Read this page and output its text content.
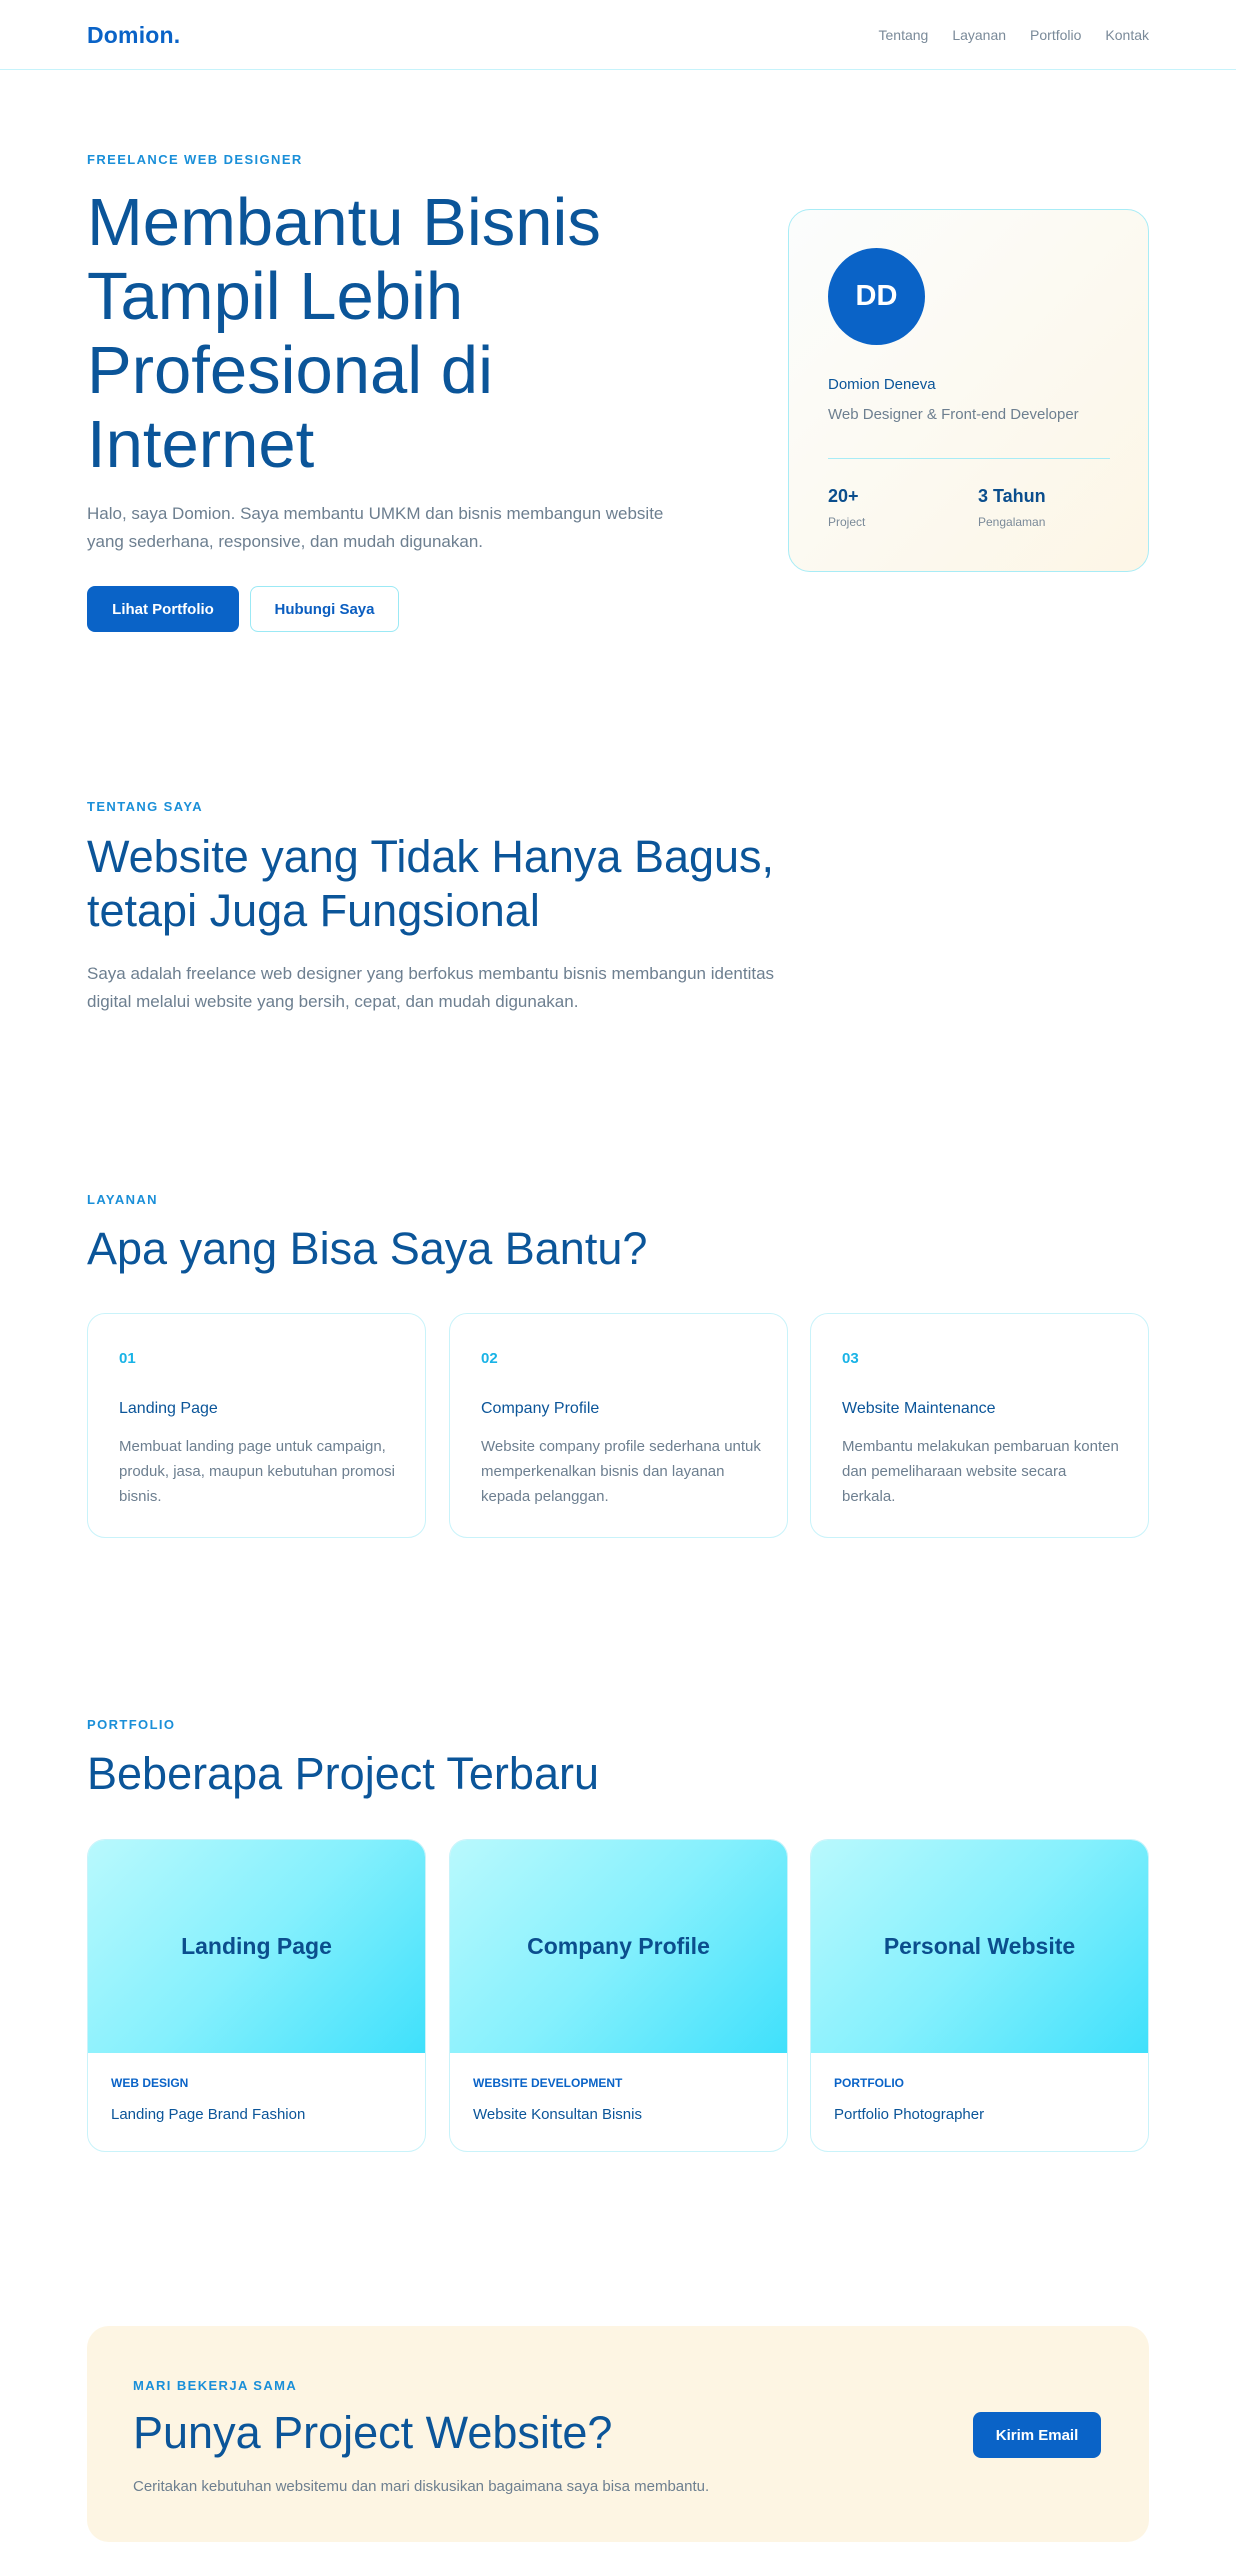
Domion.	Tentang Layanan Portfolio Kontak
FREELANCE WEB DESIGNER
Membantu Bisnis Tampil Lebih Profesional di Internet

Halo, saya Domion. Saya membantu UMKM dan bisnis membangun website yang sederhana, responsive, dan mudah digunakan.

Lihat Portfolio	Hubungi Saya
DD
Domion Deneva
Web Designer & Front-end Developer
20+
Project
3 Tahun
Pengalaman
TENTANG SAYA
Website yang Tidak Hanya Bagus, tetapi Juga Fungsional

Saya adalah freelance web designer yang berfokus membantu bisnis membangun identitas digital melalui website yang bersih, cepat, dan mudah digunakan.

LAYANAN
Apa yang Bisa Saya Bantu?
01
Landing Page
Membuat landing page untuk campaign, produk, jasa, maupun kebutuhan promosi bisnis.
02
Company Profile
Website company profile sederhana untuk memperkenalkan bisnis dan layanan kepada pelanggan.
03
Website Maintenance
Membantu melakukan pembaruan konten dan pemeliharaan website secara berkala.
PORTFOLIO
Beberapa Project Terbaru
Landing Page
WEB DESIGN
Landing Page Brand Fashion
Company Profile
WEBSITE DEVELOPMENT
Website Konsultan Bisnis
Personal Website
PORTFOLIO
Portfolio Photographer
MARI BEKERJA SAMA
Punya Project Website?

Ceritakan kebutuhan websitemu dan mari diskusikan bagaimana saya bisa membantu.

Kirim Email
